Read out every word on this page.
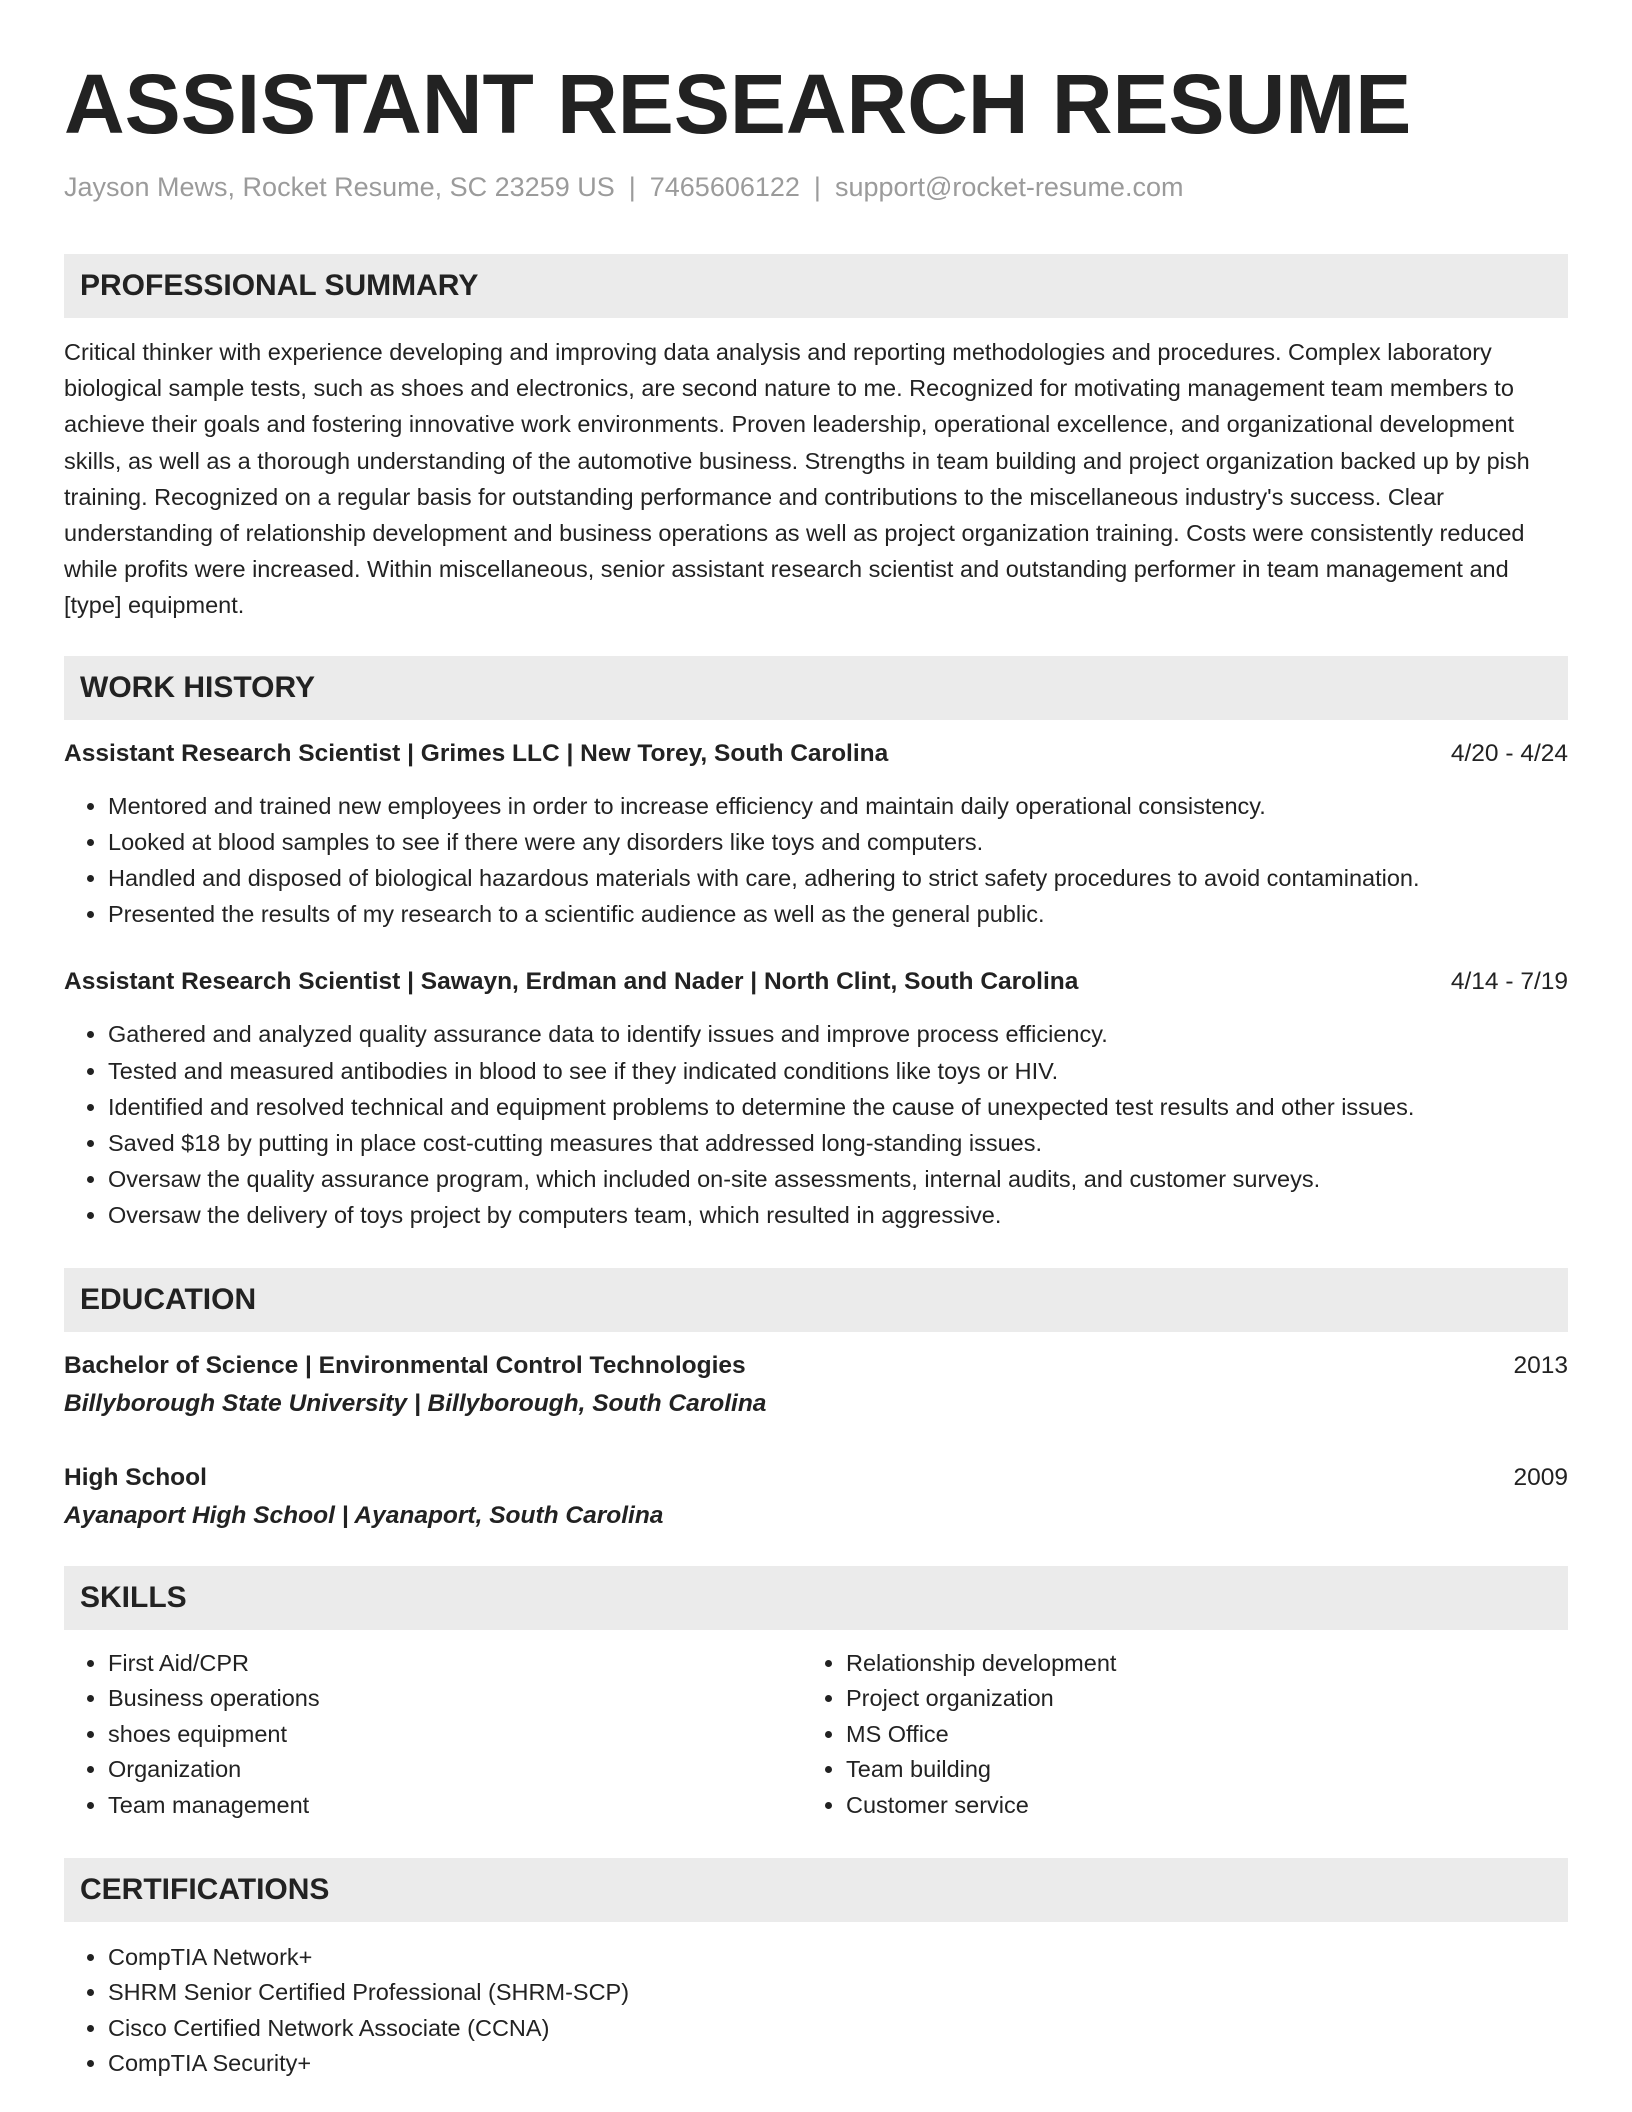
ASSISTANT RESEARCH RESUME
Jayson Mews, Rocket Resume, SC 23259 US | 7465606122 | support@rocket-resume.com
PROFESSIONAL SUMMARY
Critical thinker with experience developing and improving data analysis and reporting methodologies and procedures. Complex laboratory biological sample tests, such as shoes and electronics, are second nature to me. Recognized for motivating management team members to achieve their goals and fostering innovative work environments. Proven leadership, operational excellence, and organizational development skills, as well as a thorough understanding of the automotive business. Strengths in team building and project organization backed up by pish training. Recognized on a regular basis for outstanding performance and contributions to the miscellaneous industry's success. Clear understanding of relationship development and business operations as well as project organization training. Costs were consistently reduced while profits were increased. Within miscellaneous, senior assistant research scientist and outstanding performer in team management and [type] equipment.
WORK HISTORY
Assistant Research Scientist | Grimes LLC | New Torey, South Carolina	4/20 - 4/24
• Mentored and trained new employees in order to increase efficiency and maintain daily operational consistency.
• Looked at blood samples to see if there were any disorders like toys and computers.
• Handled and disposed of biological hazardous materials with care, adhering to strict safety procedures to avoid contamination.
• Presented the results of my research to a scientific audience as well as the general public.
Assistant Research Scientist | Sawayn, Erdman and Nader | North Clint, South Carolina	4/14 - 7/19
• Gathered and analyzed quality assurance data to identify issues and improve process efficiency.
• Tested and measured antibodies in blood to see if they indicated conditions like toys or HIV.
• Identified and resolved technical and equipment problems to determine the cause of unexpected test results and other issues.
• Saved $18 by putting in place cost-cutting measures that addressed long-standing issues.
• Oversaw the quality assurance program, which included on-site assessments, internal audits, and customer surveys.
• Oversaw the delivery of toys project by computers team, which resulted in aggressive.
EDUCATION
Bachelor of Science | Environmental Control Technologies	2013
Billyborough State University | Billyborough, South Carolina
High School	2009
Ayanaport High School | Ayanaport, South Carolina
SKILLS
• First Aid/CPR
• Business operations
• shoes equipment
• Organization
• Team management
• Relationship development
• Project organization
• MS Office
• Team building
• Customer service
CERTIFICATIONS
• CompTIA Network+
• SHRM Senior Certified Professional (SHRM-SCP)
• Cisco Certified Network Associate (CCNA)
• CompTIA Security+
